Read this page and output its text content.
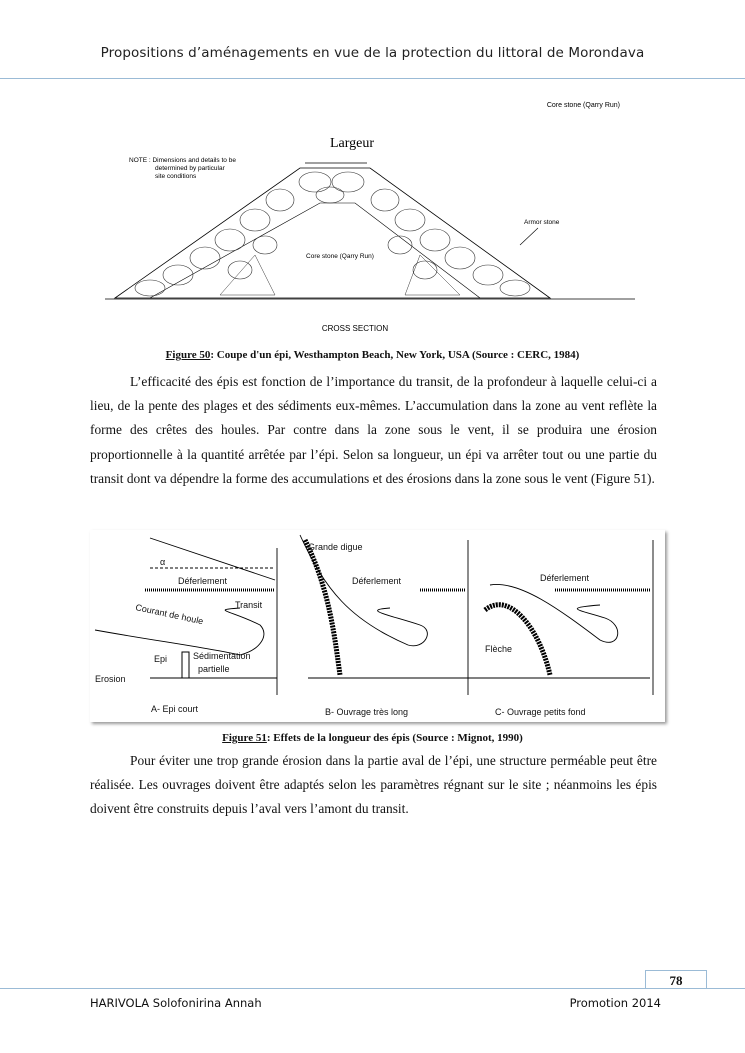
Propositions d’aménagements en vue de la protection du littoral de Morondava
Core stone (Qarry Run)
Largeur
NOTE : Dimensions and details to be
determined by particular
site conditions
Armor stone
Core stone (Qarry Run)
CROSS SECTION
Figure 50: Coupe d'un épi, Westhampton Beach, New York, USA (Source : CERC, 1984)

L’efficacité des épis est fonction de l’importance du transit, de la profondeur à laquelle celui-ci a lieu, de la pente des plages et des sédiments eux-mêmes. L’accumulation dans la zone au vent reflète la forme des crêtes des houles. Par contre dans la zone sous le vent, il se produira une érosion proportionnelle à la quantité arrêtée par l’épi. Selon sa longueur, un épi va arrêter tout ou une partie du transit dont va dépendre la forme des accumulations et des érosions dans la zone sous le vent (Figure 51).

α
Déferlement
Transit
Courant de houle
Epi	Sédimentation
partielle
Erosion
A- Epi court
Grande digue
Déferlement
B- Ouvrage très long
Déferlement
Flèche
C- Ouvrage petits fond
Figure 51: Effets de la longueur des épis (Source : Mignot, 1990)

Pour éviter une trop grande érosion dans la partie aval de l’épi, une structure perméable peut être réalisée. Les ouvrages doivent être adaptés selon les paramètres régnant sur le site ; néanmoins les épis doivent être construits depuis l’aval vers l’amont du transit.

78
HARIVOLA Solofonirina Annah	Promotion 2014
